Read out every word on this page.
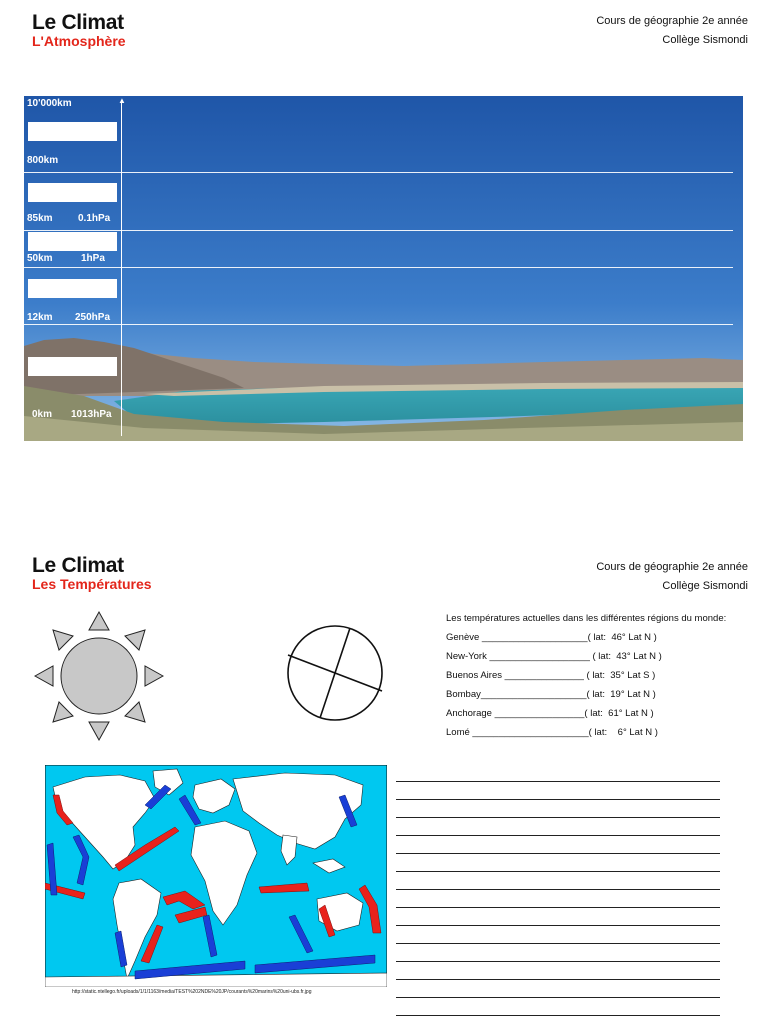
Le Climat
L'Atmosphère
Cours de géographie 2e année
Collège Sismondi
▲
10'000km
800km
85km	0.1hPa
50km	1hPa
12km 250hPa
0km 1013hPa
Le Climat
Les Températures
Cours de géographie 2e année
Collège Sismondi
Les températures actuelles dans les différentes régions du monde:
Genève ____________________( lat:  46° Lat N )
New-York ___________________ ( lat:  43° Lat N )
Buenos Aires _______________ ( lat:  35° Lat S )
Bombay____________________( lat:  19° Lat N )
Anchorage _________________( lat:  61° Lat N )
Lomé ______________________( lat:    6° Lat N )
http://static.ntellego.fr/uploads/1/1/1163/media/TEST%202NDE%20JP/courants%20marins%20uni-ubs.fr.jpg
